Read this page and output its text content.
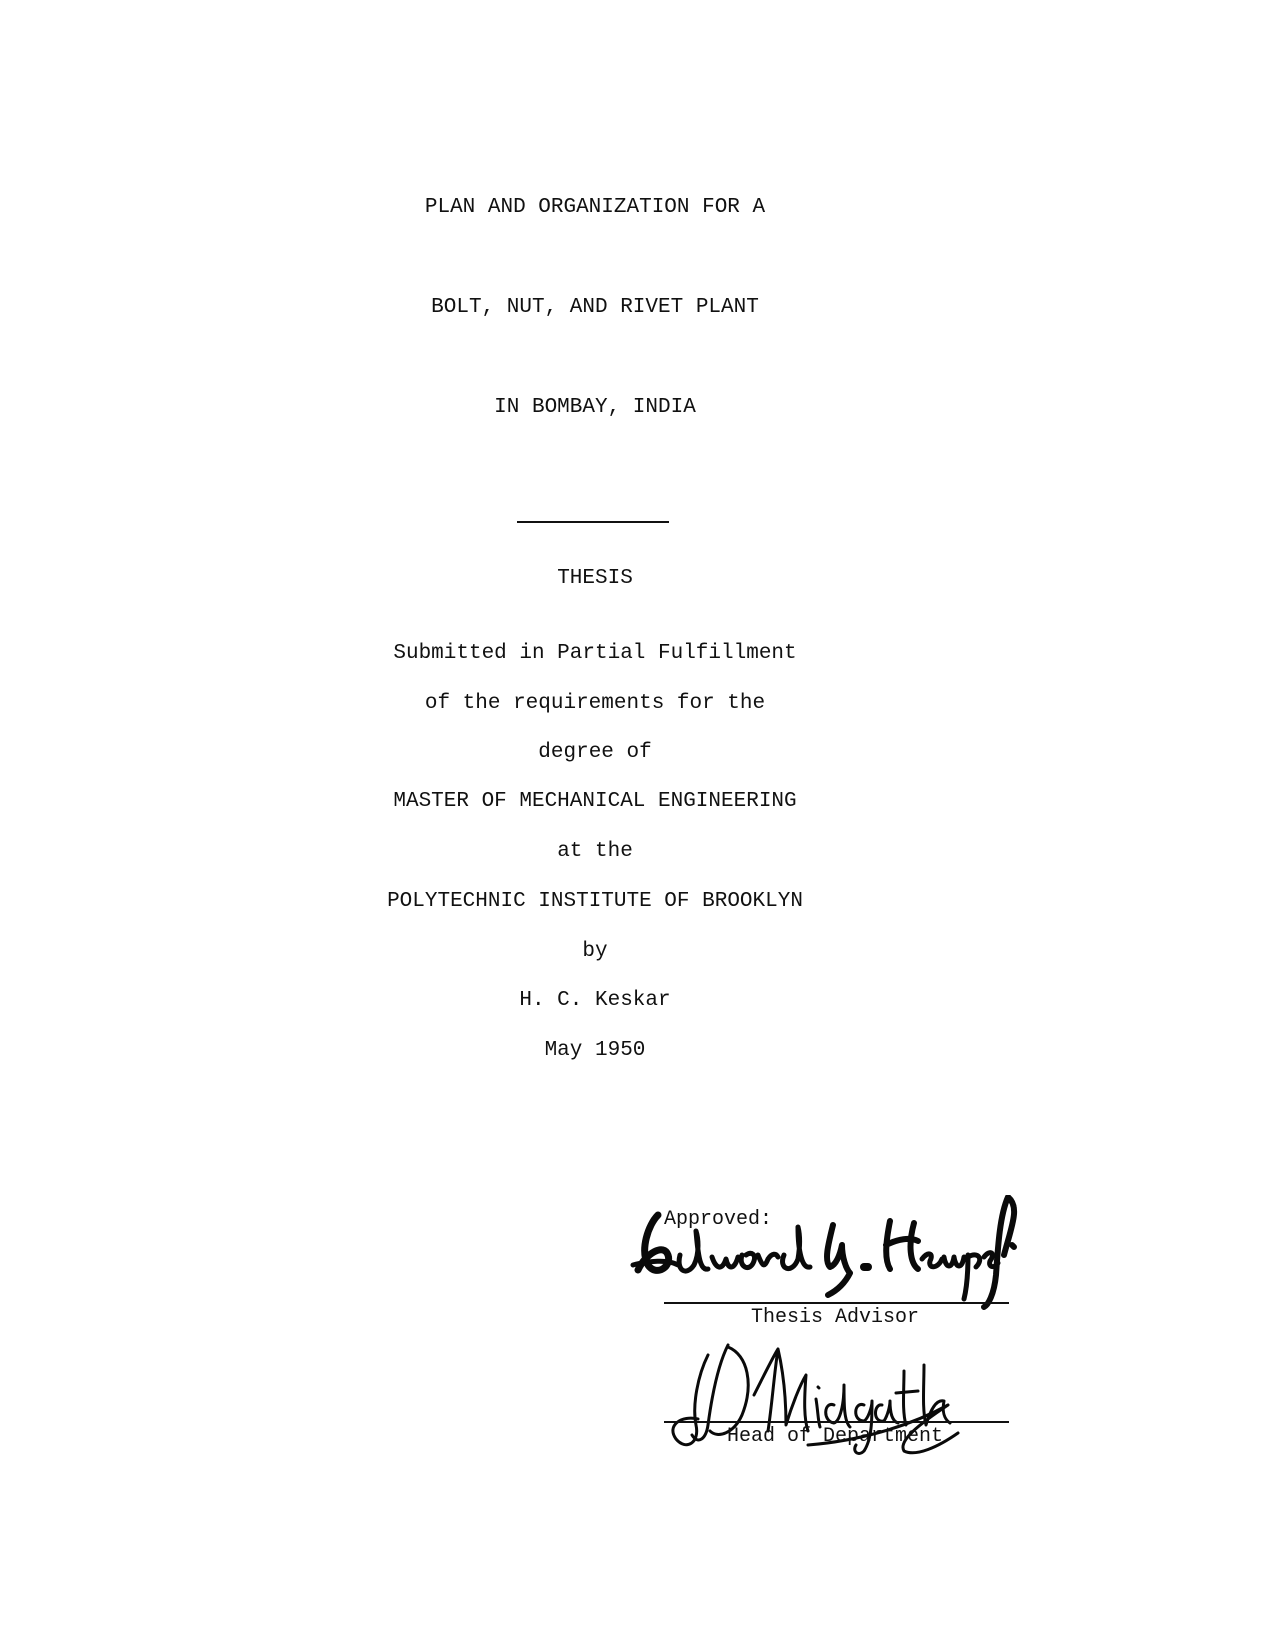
PLAN AND ORGANIZATION FOR A
BOLT, NUT, AND RIVET PLANT
IN BOMBAY, INDIA
THESIS
Submitted in Partial Fulfillment
of the requirements for the
degree of
MASTER OF MECHANICAL ENGINEERING
at the
POLYTECHNIC INSTITUTE OF BROOKLYN
by
H. C. Keskar
May 1950
Approved:
Thesis Advisor
Head of Department
